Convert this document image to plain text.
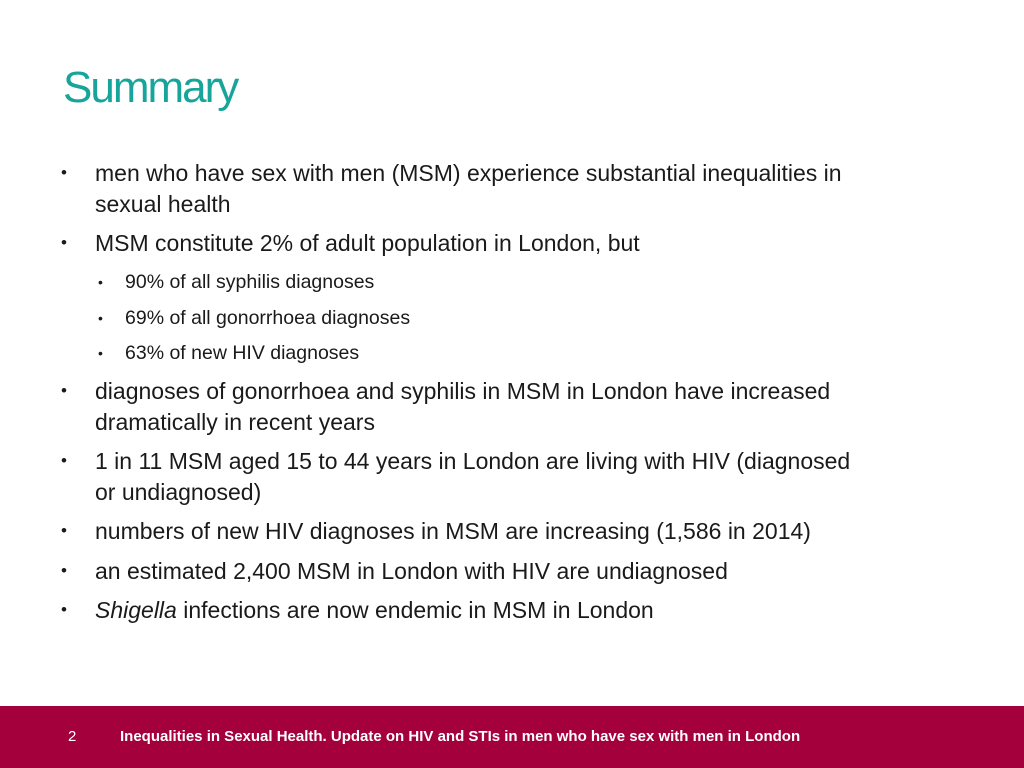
Summary
• men who have sex with men (MSM) experience substantial inequalities in
sexual health
• MSM constitute 2% of adult population in London, but
• 90% of all syphilis diagnoses
• 69% of all gonorrhoea diagnoses
• 63% of new HIV diagnoses
• diagnoses of gonorrhoea and syphilis in MSM in London have increased
dramatically in recent years
• 1 in 11 MSM aged 15 to 44 years in London are living with HIV (diagnosed
or undiagnosed)
• numbers of new HIV diagnoses in MSM are increasing (1,586 in 2014)
• an estimated 2,400 MSM in London with HIV are undiagnosed
• Shigella infections are now endemic in MSM in London
2	Inequalities in Sexual Health. Update on HIV and STIs in men who have sex with men in London
